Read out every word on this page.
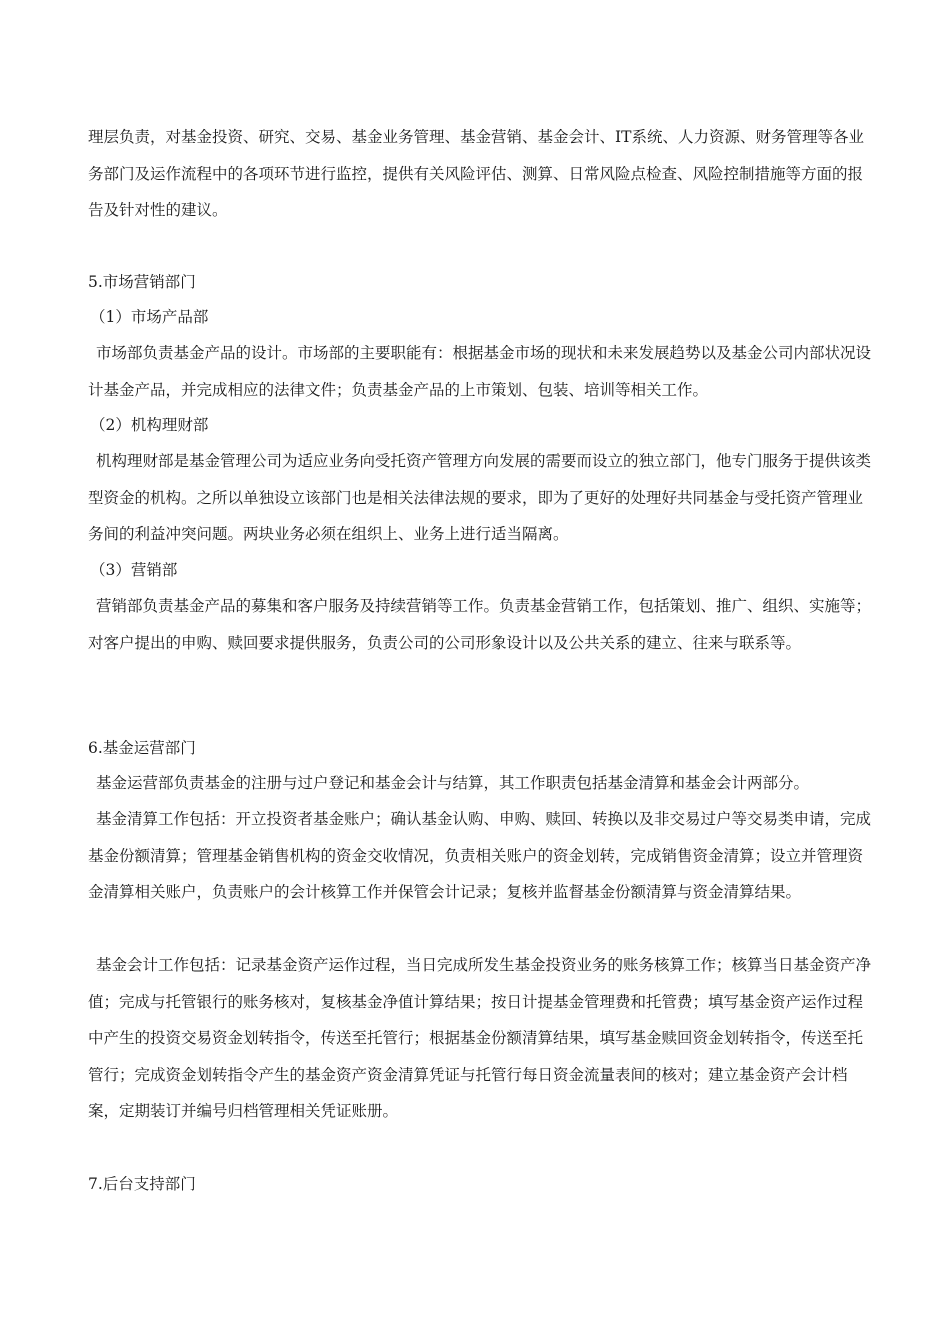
理层负责，对基金投资、研究、交易、基金业务管理、基金营销、基金会计、IT系统、人力资源、财务管理等各业务部门及运作流程中的各项环节进行监控，提供有关风险评估、测算、日常风险点检查、风险控制措施等方面的报告及针对性的建议。
5.市场营销部门
（1）市场产品部
市场部负责基金产品的设计。市场部的主要职能有：根据基金市场的现状和未来发展趋势以及基金公司内部状况设计基金产品，并完成相应的法律文件；负责基金产品的上市策划、包装、培训等相关工作。
（2）机构理财部
机构理财部是基金管理公司为适应业务向受托资产管理方向发展的需要而设立的独立部门，他专门服务于提供该类型资金的机构。之所以单独设立该部门也是相关法律法规的要求，即为了更好的处理好共同基金与受托资产管理业务间的利益冲突问题。两块业务必须在组织上、业务上进行适当隔离。
（3）营销部
营销部负责基金产品的募集和客户服务及持续营销等工作。负责基金营销工作，包括策划、推广、组织、实施等；对客户提出的申购、赎回要求提供服务，负责公司的公司形象设计以及公共关系的建立、往来与联系等。
6.基金运营部门
基金运营部负责基金的注册与过户登记和基金会计与结算，其工作职责包括基金清算和基金会计两部分。
基金清算工作包括：开立投资者基金账户；确认基金认购、申购、赎回、转换以及非交易过户等交易类申请，完成基金份额清算；管理基金销售机构的资金交收情况，负责相关账户的资金划转，完成销售资金清算；设立并管理资金清算相关账户，负责账户的会计核算工作并保管会计记录；复核并监督基金份额清算与资金清算结果。
基金会计工作包括：记录基金资产运作过程，当日完成所发生基金投资业务的账务核算工作；核算当日基金资产净值；完成与托管银行的账务核对，复核基金净值计算结果；按日计提基金管理费和托管费；填写基金资产运作过程中产生的投资交易资金划转指令，传送至托管行；根据基金份额清算结果，填写基金赎回资金划转指令，传送至托管行；完成资金划转指令产生的基金资产资金清算凭证与托管行每日资金流量表间的核对；建立基金资产会计档案，定期装订并编号归档管理相关凭证账册。
7.后台支持部门
